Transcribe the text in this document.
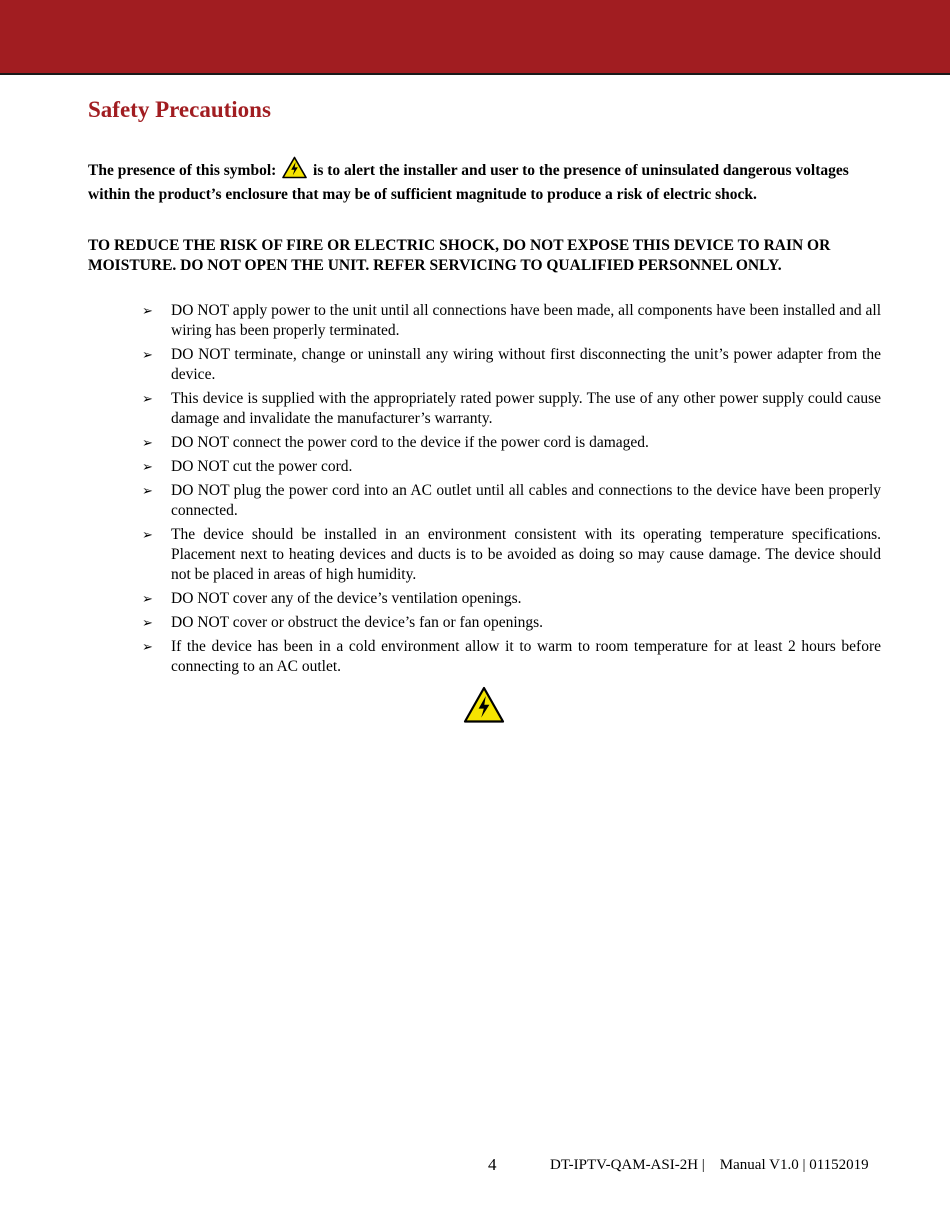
Safety Precautions

The presence of this symbol: is to alert the installer and user to the presence of uninsulated dangerous voltages within the product’s enclosure that may be of sufficient magnitude to produce a risk of electric shock.

TO REDUCE THE RISK OF FIRE OR ELECTRIC SHOCK, DO NOT EXPOSE THIS DEVICE TO RAIN OR MOISTURE. DO NOT OPEN THE UNIT. REFER SERVICING TO QUALIFIED PERSONNEL ONLY.

➢ DO NOT apply power to the unit until all connections have been made, all components have been installed and all wiring has been properly terminated.
➢ DO NOT terminate, change or uninstall any wiring without first disconnecting the unit’s power adapter from the device.
➢ This device is supplied with the appropriately rated power supply. The use of any other power supply could cause damage and invalidate the manufacturer’s warranty.
➢ DO NOT connect the power cord to the device if the power cord is damaged.
➢ DO NOT cut the power cord.
➢ DO NOT plug the power cord into an AC outlet until all cables and connections to the device have been properly connected.
➢ The device should be installed in an environment consistent with its operating temperature specifications. Placement next to heating devices and ducts is to be avoided as doing so may cause damage. The device should not be placed in areas of high humidity.
➢ DO NOT cover any of the device’s ventilation openings.
➢ DO NOT cover or obstruct the device’s fan or fan openings.
➢ If the device has been in a cold environment allow it to warm to room temperature for at least 2 hours before connecting to an AC outlet.
4	DT-IPTV-QAM-ASI-2H |    Manual V1.0 | 01152019
